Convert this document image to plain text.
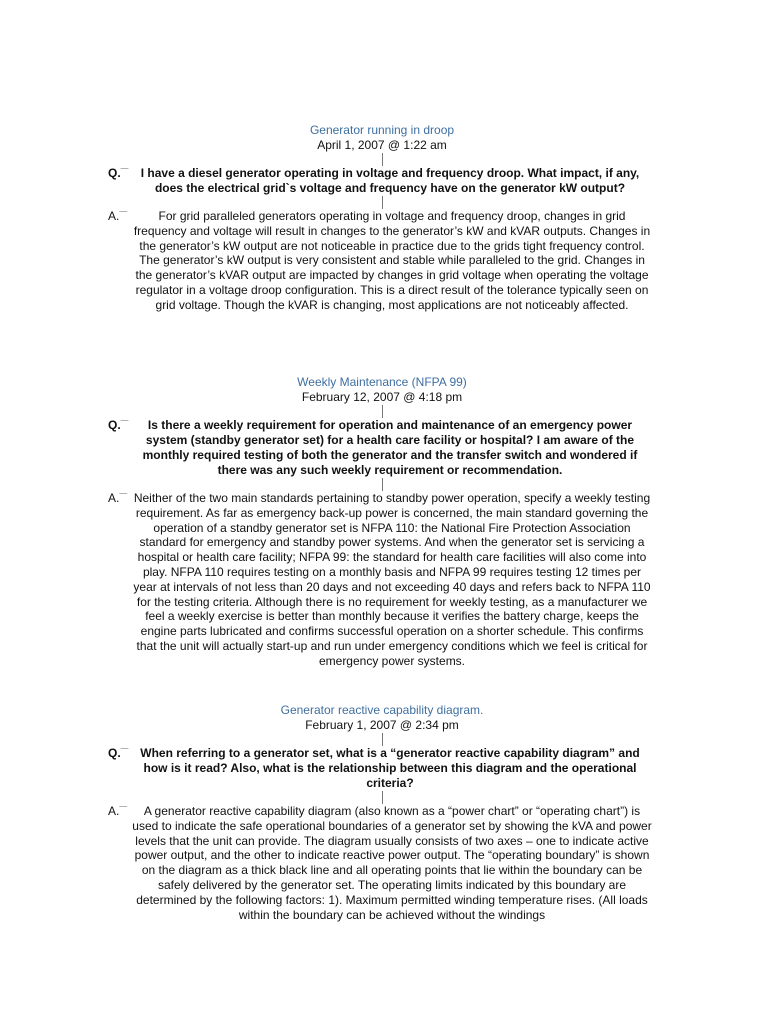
Generator running in droop
April 1, 2007 @ 1:22 am
Q.¯¯	I have a diesel generator operating in voltage and frequency droop. What impact, if any, does the electrical grid`s voltage and frequency have on the generator kW output?
A.¯¯	For grid paralleled generators operating in voltage and frequency droop, changes in grid frequency and voltage will result in changes to the generator’s kW and kVAR outputs. Changes in the generator’s kW output are not noticeable in practice due to the grids tight frequency control. The generator’s kW output is very consistent and stable while paralleled to the grid. Changes in the generator’s kVAR output are impacted by changes in grid voltage when operating the voltage regulator in a voltage droop configuration. This is a direct result of the tolerance typically seen on grid voltage. Though the kVAR is changing, most applications are not noticeably affected.
Weekly Maintenance (NFPA 99)
February 12, 2007 @ 4:18 pm
Q.¯¯	Is there a weekly requirement for operation and maintenance of an emergency power system (standby generator set) for a health care facility or hospital? I am aware of the monthly required testing of both the generator and the transfer switch and wondered if there was any such weekly requirement or recommendation.
A.¯¯ Neither of the two main standards pertaining to standby power operation, specify a weekly testing requirement. As far as emergency back-up power is concerned, the main standard governing the operation of a standby generator set is NFPA 110: the National Fire Protection Association standard for emergency and standby power systems. And when the generator set is servicing a hospital or health care facility; NFPA 99: the standard for health care facilities will also come into play. NFPA 110 requires testing on a monthly basis and NFPA 99 requires testing 12 times per year at intervals of not less than 20 days and not exceeding 40 days and refers back to NFPA 110 for the testing criteria. Although there is no requirement for weekly testing, as a manufacturer we feel a weekly exercise is better than monthly because it verifies the battery charge, keeps the engine parts lubricated and confirms successful operation on a shorter schedule. This confirms that the unit will actually start-up and run under emergency conditions which we feel is critical for emergency power systems.
Generator reactive capability diagram.
February 1, 2007 @ 2:34 pm
Q.¯¯ When referring to a generator set, what is a “generator reactive capability diagram” and how is it read? Also, what is the relationship between this diagram and the operational criteria?
A.¯¯	A generator reactive capability diagram (also known as a “power chart” or “operating chart”) is used to indicate the safe operational boundaries of a generator set by showing the kVA and power levels that the unit can provide. The diagram usually consists of two axes – one to indicate active power output, and the other to indicate reactive power output. The “operating boundary” is shown on the diagram as a thick black line and all operating points that lie within the boundary can be safely delivered by the generator set. The operating limits indicated by this boundary are determined by the following factors: 1). Maximum permitted winding temperature rises. (All loads within the boundary can be achieved without the windings
